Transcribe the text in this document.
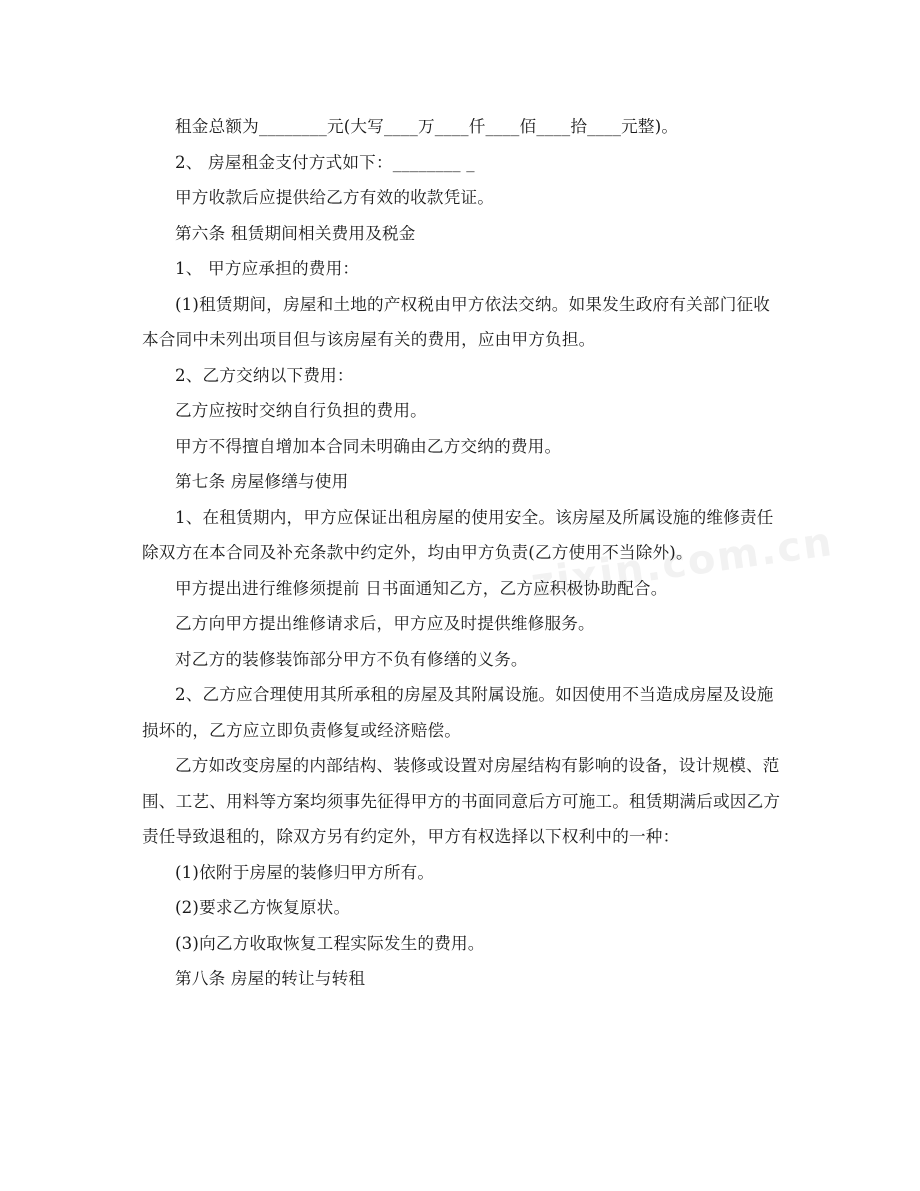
zixin.com.cn

租金总额为________元(大写____万____仟____佰____拾____元整)。

2、 房屋租金支付方式如下：________ _

甲方收款后应提供给乙方有效的收款凭证。

第六条 租赁期间相关费用及税金

1、 甲方应承担的费用：

(1)租赁期间，房屋和土地的产权税由甲方依法交纳。如果发生政府有关部门征收本合同中未列出项目但与该房屋有关的费用，应由甲方负担。

2、乙方交纳以下费用：

乙方应按时交纳自行负担的费用。

甲方不得擅自增加本合同未明确由乙方交纳的费用。

第七条 房屋修缮与使用

1、在租赁期内，甲方应保证出租房屋的使用安全。该房屋及所属设施的维修责任除双方在本合同及补充条款中约定外，均由甲方负责(乙方使用不当除外)。

甲方提出进行维修须提前 日书面通知乙方，乙方应积极协助配合。

乙方向甲方提出维修请求后，甲方应及时提供维修服务。

对乙方的装修装饰部分甲方不负有修缮的义务。

2、乙方应合理使用其所承租的房屋及其附属设施。如因使用不当造成房屋及设施损坏的，乙方应立即负责修复或经济赔偿。

乙方如改变房屋的内部结构、装修或设置对房屋结构有影响的设备，设计规模、范围、工艺、用料等方案均须事先征得甲方的书面同意后方可施工。租赁期满后或因乙方责任导致退租的，除双方另有约定外，甲方有权选择以下权利中的一种：

(1)依附于房屋的装修归甲方所有。

(2)要求乙方恢复原状。

(3)向乙方收取恢复工程实际发生的费用。

第八条 房屋的转让与转租
